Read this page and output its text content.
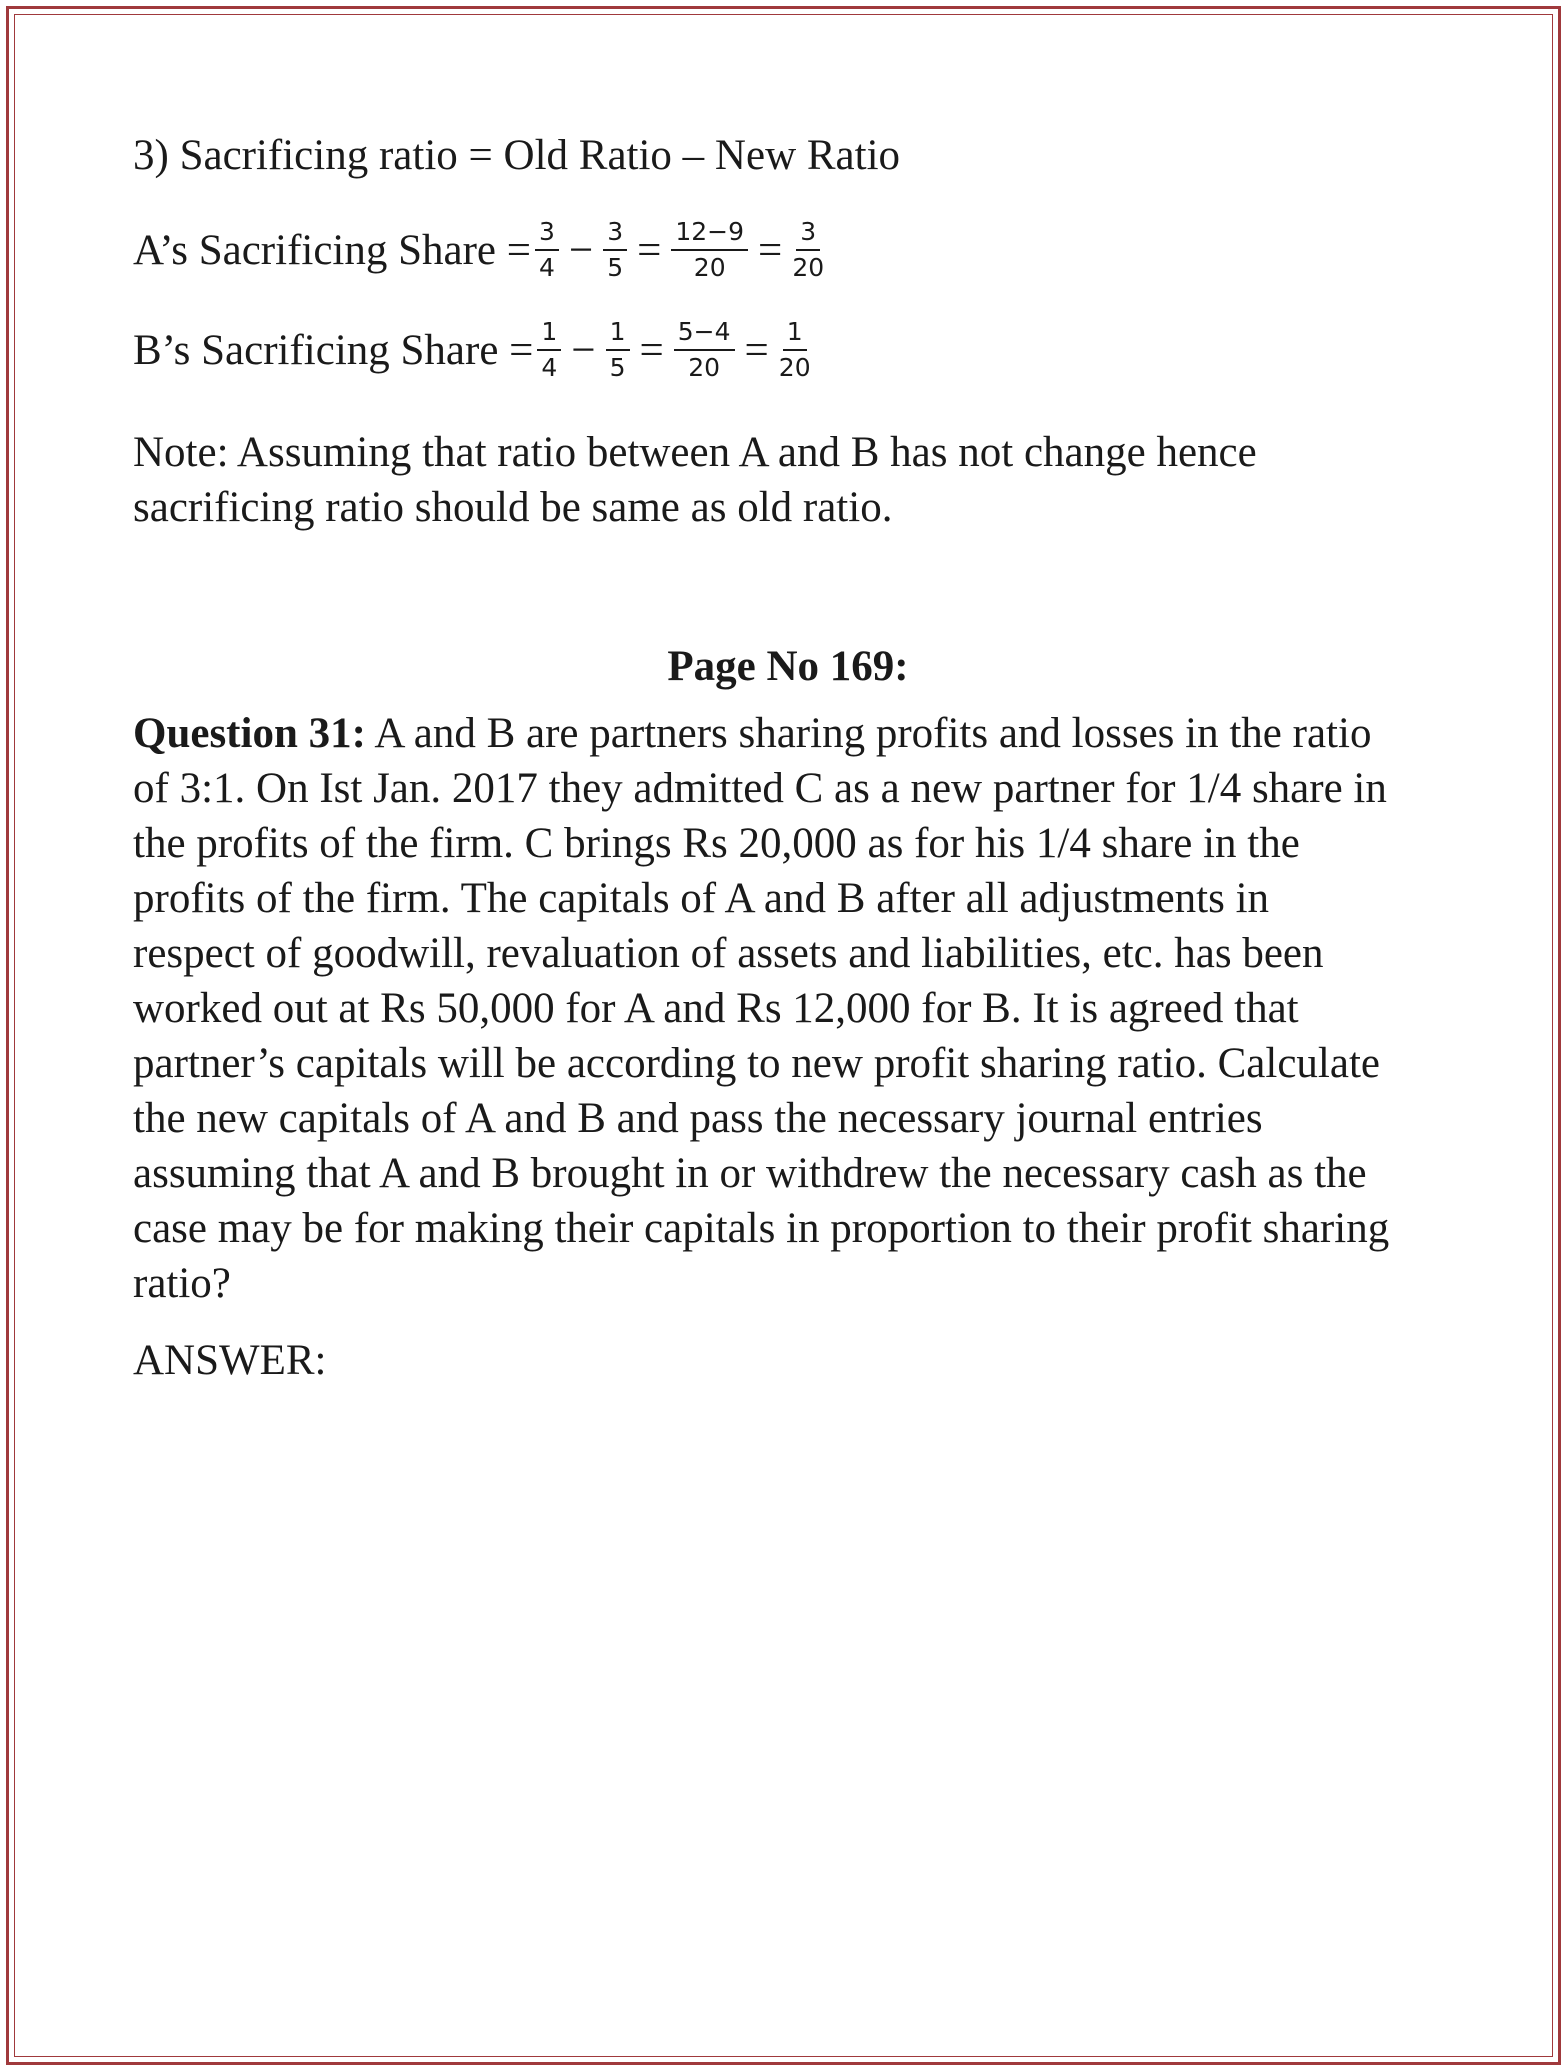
3) Sacrificing ratio = Old Ratio – New Ratio
A’s Sacrificing Share = $\frac{3}{4} - \frac{3}{5} = \frac{12-9}{20} = \frac{3}{20}$
B’s Sacrificing Share = $\frac{1}{4} - \frac{1}{5} = \frac{5-4}{20} = \frac{1}{20}$
Note: Assuming that ratio between A and B has not change hence
sacrificing ratio should be same as old ratio.
Page No 169:
Question 31: A and B are partners sharing profits and losses in the ratio
of 3:1. On Ist Jan. 2017 they admitted C as a new partner for 1/4 share in
the profits of the firm. C brings Rs 20,000 as for his 1/4 share in the
profits of the firm. The capitals of A and B after all adjustments in
respect of goodwill, revaluation of assets and liabilities, etc. has been
worked out at Rs 50,000 for A and Rs 12,000 for B. It is agreed that
partner’s capitals will be according to new profit sharing ratio. Calculate
the new capitals of A and B and pass the necessary journal entries
assuming that A and B brought in or withdrew the necessary cash as the
case may be for making their capitals in proportion to their profit sharing
ratio?
ANSWER:
